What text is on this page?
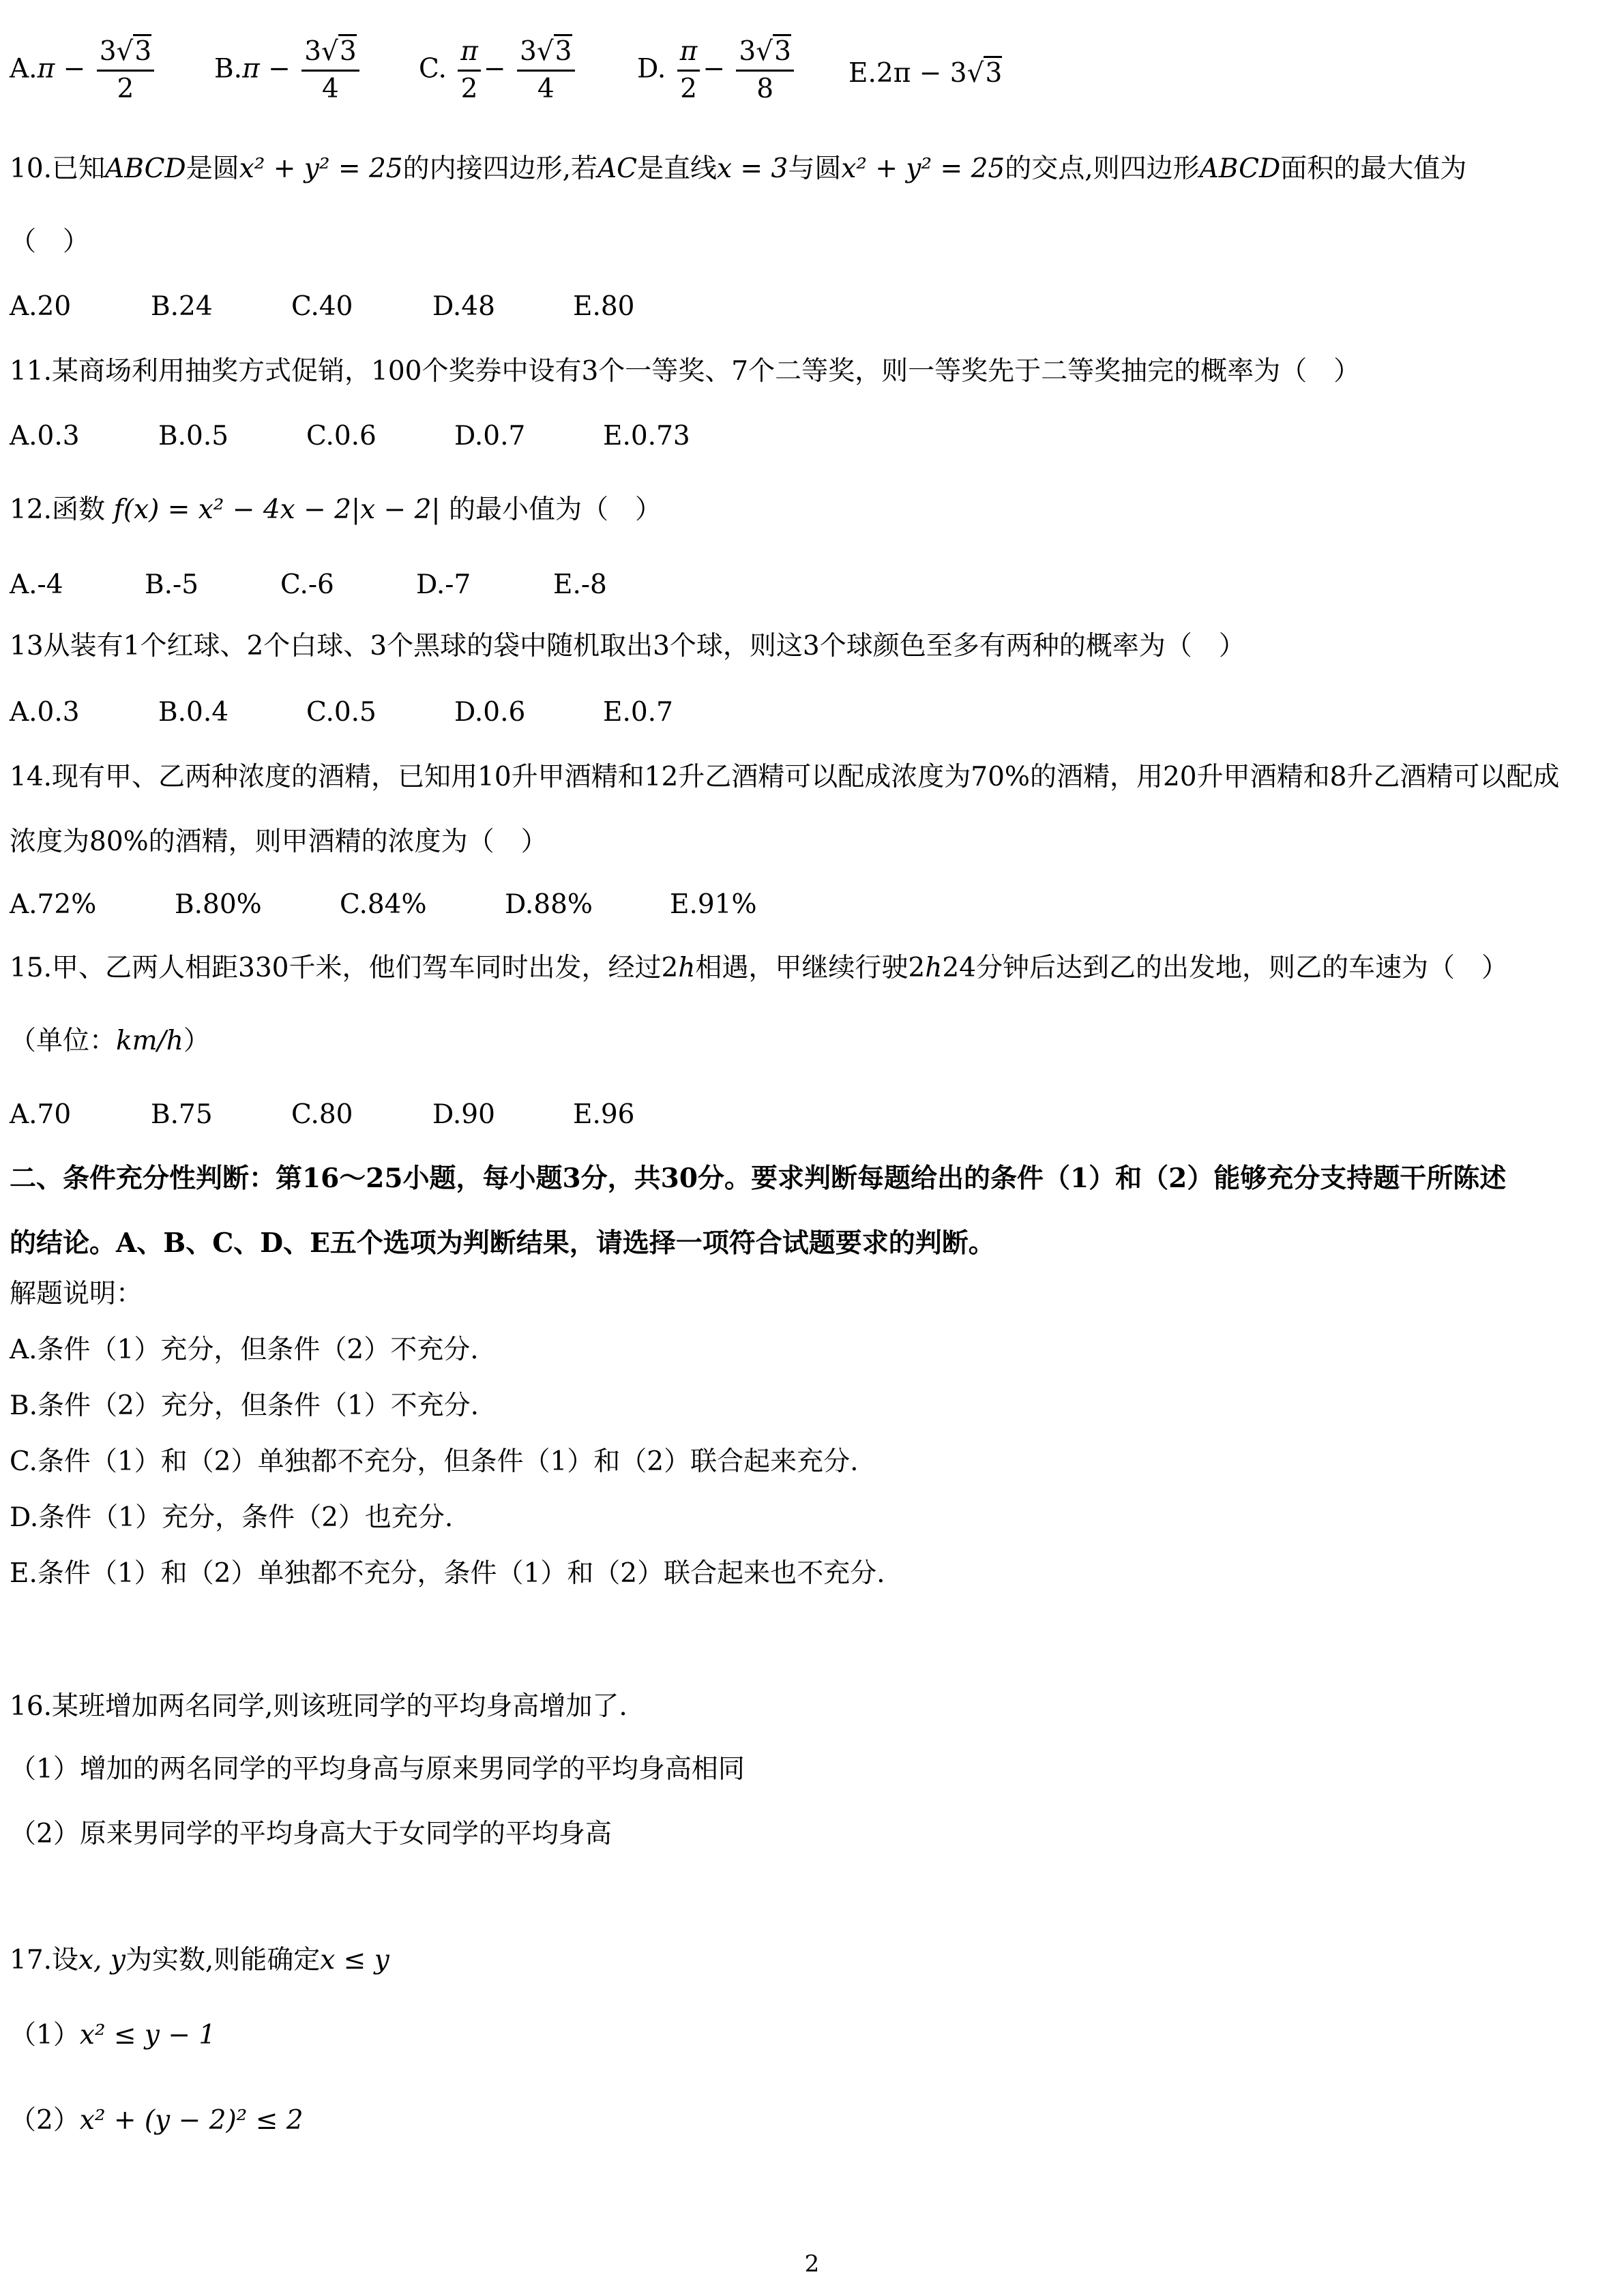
$A.\pi - \frac{3√3}{2} B.\pi - \frac{3√3}{4} C$. $\frac{\pi}{2} - \frac{3√3}{4} D$. $\frac{\pi}{2} - \frac{3√3}{8} E.2\pi - 3√3$
10.已知ABCD是圆x² + y² = 25的内接四边形,若AC是直线x = 3与圆x² + y² = 25的交点,则四边形ABCD面积的最大值为
（　）
A.20	B.24	C.40	D.48	E.80
11.某商场利用抽奖方式促销，100个奖券中设有3个一等奖、7个二等奖，则一等奖先于二等奖抽完的概率为（　）
A.0.3	B.0.5	C.0.6	D.0.7	E.0.73
12.函数 f(x) = x² − 4x − 2|x − 2| 的最小值为（　）
A.-4	B.-5	C.-6	D.-7	E.-8
13从装有1个红球、2个白球、3个黑球的袋中随机取出3个球，则这3个球颜色至多有两种的概率为（　）
A.0.3	B.0.4	C.0.5	D.0.6	E.0.7
14.现有甲、乙两种浓度的酒精，已知用10升甲酒精和12升乙酒精可以配成浓度为70%的酒精，用20升甲酒精和8升乙酒精可以配成
浓度为80%的酒精，则甲酒精的浓度为（　）
A.72%	B.80%	C.84%	D.88%	E.91%
15.甲、乙两人相距330千米，他们驾车同时出发，经过2h相遇，甲继续行驶2h24分钟后达到乙的出发地，则乙的车速为（　）
（单位：km/h）
A.70	B.75	C.80	D.90	E.96
二、条件充分性判断：第16～25小题，每小题3分，共30分。要求判断每题给出的条件（1）和（2）能够充分支持题干所陈述
的结论。A、B、C、D、E五个选项为判断结果，请选择一项符合试题要求的判断。
解题说明：
A.条件（1）充分，但条件（2）不充分.
B.条件（2）充分，但条件（1）不充分.
C.条件（1）和（2）单独都不充分，但条件（1）和（2）联合起来充分.
D.条件（1）充分，条件（2）也充分.
E.条件（1）和（2）单独都不充分，条件（1）和（2）联合起来也不充分.
16.某班增加两名同学,则该班同学的平均身高增加了.
（1）增加的两名同学的平均身高与原来男同学的平均身高相同
（2）原来男同学的平均身高大于女同学的平均身高
17.设x, y为实数,则能确定x ≤ y
（1）x² ≤ y − 1
（2）x² + (y − 2)² ≤ 2
2
